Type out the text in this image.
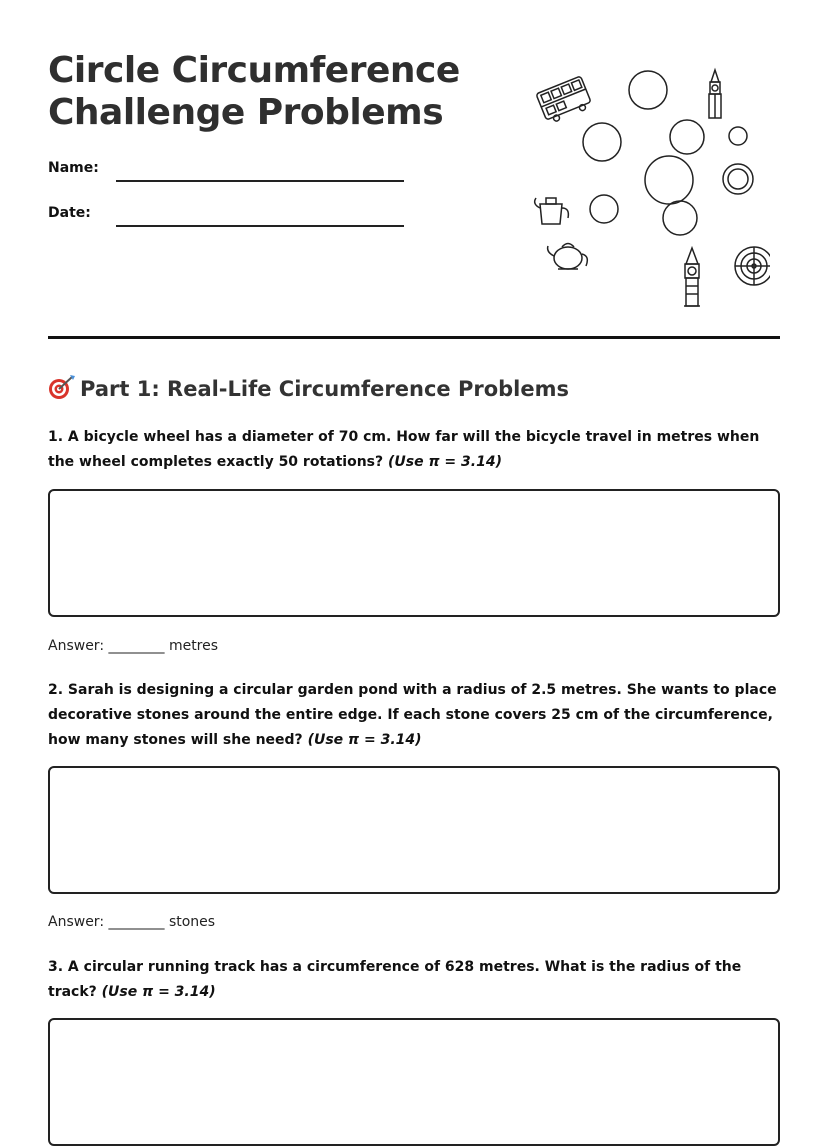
Circle Circumference
Challenge Problems
Name:
Date:
Part 1: Real-Life Circumference Problems

1. A bicycle wheel has a diameter of 70 cm. How far will the bicycle travel in metres when the wheel completes exactly 50 rotations? (Use π = 3.14)

Answer: ________ metres

2. Sarah is designing a circular garden pond with a radius of 2.5 metres. She wants to place decorative stones around the entire edge. If each stone covers 25 cm of the circumference, how many stones will she need? (Use π = 3.14)

Answer: ________ stones

3. A circular running track has a circumference of 628 metres. What is the radius of the track? (Use π = 3.14)
